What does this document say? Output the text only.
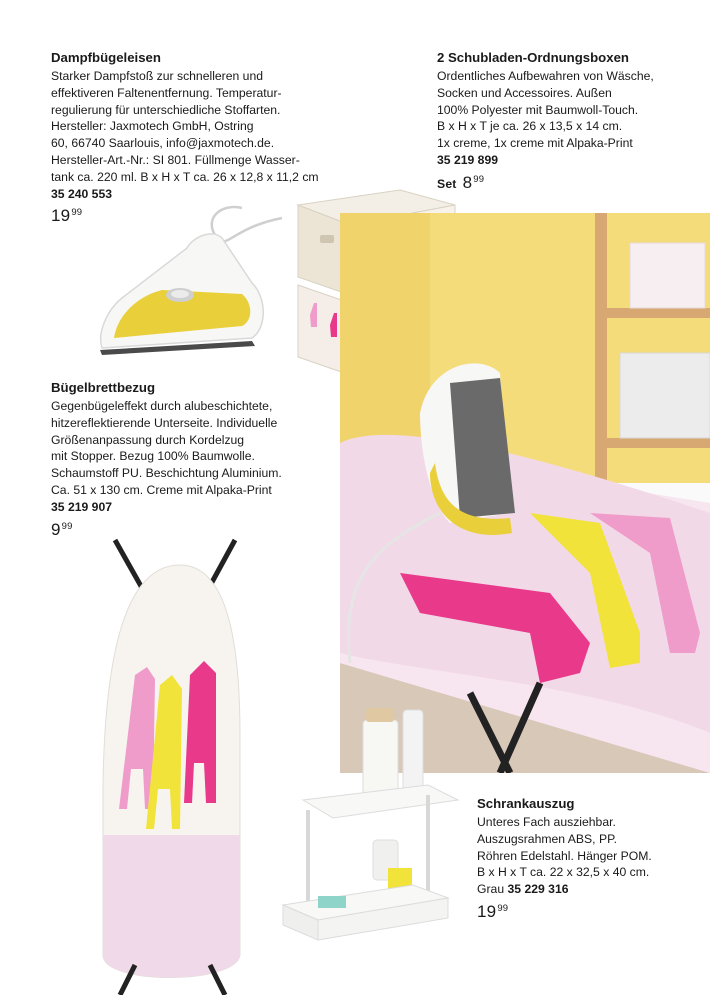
Dampfbügeleisen

Starker Dampfstoß zur schnelleren und

effektiveren Faltenentfernung. Temperatur-

regulierung für unterschiedliche Stoffarten.

Hersteller: Jaxmotech GmbH, Ostring

60, 66740 Saarlouis, info@jaxmotech.de.

Hersteller-Art.-Nr.: SI 801. Füllmenge Wasser-

tank ca. 220 ml. B x H x T ca. 26 x 12,8 x 11,2 cm

35 240 553

$19^{99}$
2 Schubladen-Ordnungsboxen

Ordentliches Aufbewahren von Wäsche,

Socken und Accessoires. Außen

100% Polyester mit Baumwoll-Touch.

B x H x T je ca. 26 x 13,5 x 14 cm.

1x creme, 1x creme mit Alpaka-Print

35 219 899

Set $8^{99}$
Bügelbrettbezug

Gegenbügeleffekt durch alubeschichtete,

hitzereflektierende Unterseite. Individuelle

Größenanpassung durch Kordelzug

mit Stopper. Bezug 100% Baumwolle.

Schaumstoff PU. Beschichtung Aluminium.

Ca. 51 x 130 cm. Creme mit Alpaka-Print

35 219 907

$9^{99}$
Schrankauszug

Unteres Fach ausziehbar.

Auszugsrahmen ABS, PP.

Röhren Edelstahl. Hänger POM.

B x H x T ca. 22 x 32,5 x 40 cm.

Grau 35 229 316

$19^{99}$
